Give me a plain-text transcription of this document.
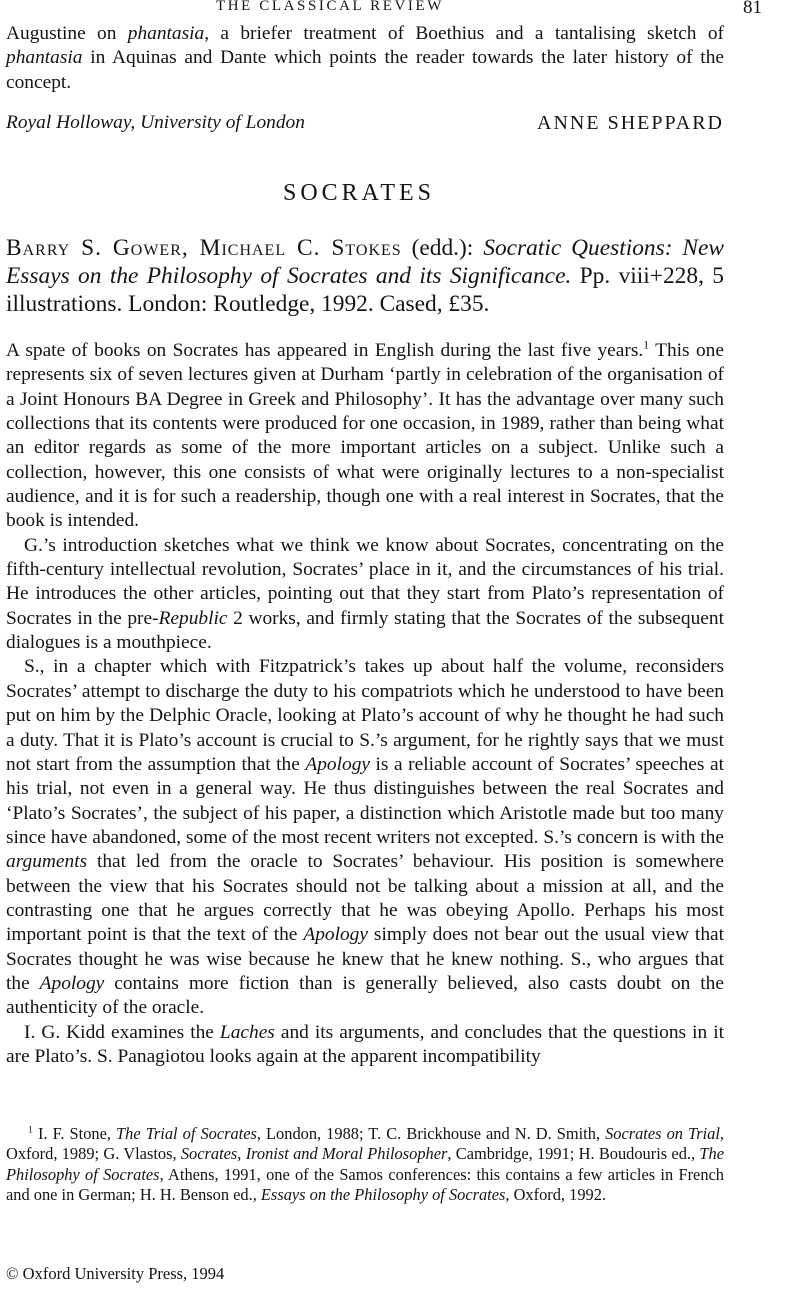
THE CLASSICAL REVIEW	81

Augustine on phantasia, a briefer treatment of Boethius and a tantalising sketch of phantasia in Aquinas and Dante which points the reader towards the later history of the concept.

Royal Holloway, University of London	ANNE SHEPPARD
SOCRATES

Barry S. Gower, Michael C. Stokes (edd.): Socratic Questions: New Essays on the Philosophy of Socrates and its Significance. Pp. viii+228, 5 illustrations. London: Routledge, 1992. Cased, £35.

A spate of books on Socrates has appeared in English during the last five years.$^1$ This one represents six of seven lectures given at Durham ‘partly in celebration of the organisation of a Joint Honours BA Degree in Greek and Philosophy’. It has the advantage over many such collections that its contents were produced for one occasion, in 1989, rather than being what an editor regards as some of the more important articles on a subject. Unlike such a collection, however, this one consists of what were originally lectures to a non-specialist audience, and it is for such a readership, though one with a real interest in Socrates, that the book is intended.

G.’s introduction sketches what we think we know about Socrates, concentrating on the fifth-century intellectual revolution, Socrates’ place in it, and the circumstances of his trial. He introduces the other articles, pointing out that they start from Plato’s representation of Socrates in the pre-Republic 2 works, and firmly stating that the Socrates of the subsequent dialogues is a mouthpiece.

S., in a chapter which with Fitzpatrick’s takes up about half the volume, reconsiders Socrates’ attempt to discharge the duty to his compatriots which he understood to have been put on him by the Delphic Oracle, looking at Plato’s account of why he thought he had such a duty. That it is Plato’s account is crucial to S.’s argument, for he rightly says that we must not start from the assumption that the Apology is a reliable account of Socrates’ speeches at his trial, not even in a general way. He thus distinguishes between the real Socrates and ‘Plato’s Socrates’, the subject of his paper, a distinction which Aristotle made but too many since have abandoned, some of the most recent writers not excepted. S.’s concern is with the arguments that led from the oracle to Socrates’ behaviour. His position is somewhere between the view that his Socrates should not be talking about a mission at all, and the contrasting one that he argues correctly that he was obeying Apollo. Perhaps his most important point is that the text of the Apology simply does not bear out the usual view that Socrates thought he was wise because he knew that he knew nothing. S., who argues that the Apology contains more fiction than is generally believed, also casts doubt on the authenticity of the oracle.

I. G. Kidd examines the Laches and its arguments, and concludes that the questions in it are Plato’s. S. Panagiotou looks again at the apparent incompatibility

$^1$ I. F. Stone, The Trial of Socrates, London, 1988; T. C. Brickhouse and N. D. Smith, Socrates on Trial, Oxford, 1989; G. Vlastos, Socrates, Ironist and Moral Philosopher, Cambridge, 1991; H. Boudouris ed., The Philosophy of Socrates, Athens, 1991, one of the Samos conferences: this contains a few articles in French and one in German; H. H. Benson ed., Essays on the Philosophy of Socrates, Oxford, 1992.

© Oxford University Press, 1994
